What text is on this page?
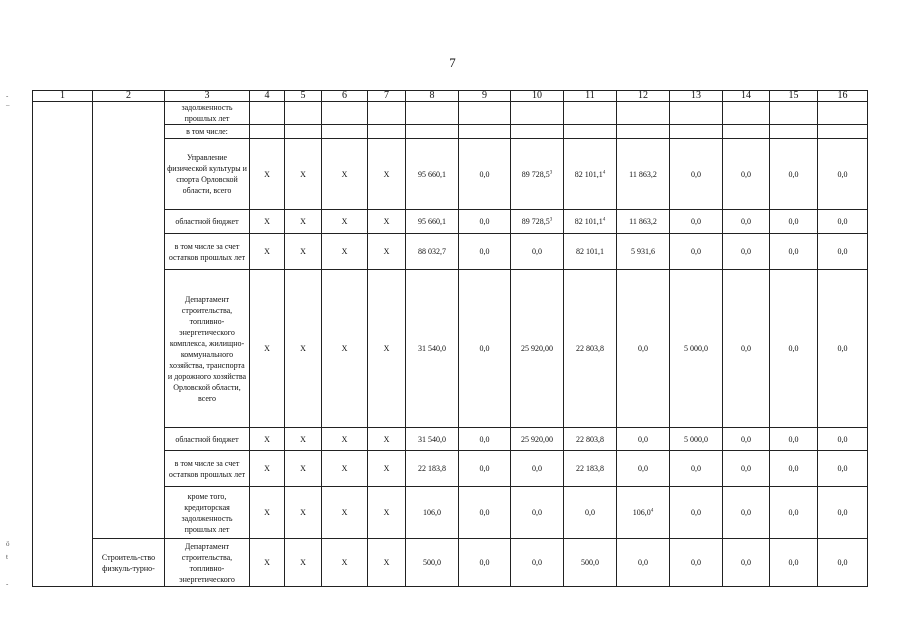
7
-
–
ö
ŧ
-
1	2	3	4	5	6	7	8	9	10	11	12	13	14	15	16
		задолженность прошлых лет													
		в том числе:													
		Управление физической культуры и спорта Орловской области, всего	X	X	X	X	95 660,1	0,0	89 728,5$^3$	82 101,1$^4$	11 863,2	0,0	0,0	0,0	0,0
		областной бюджет	X	X	X	X	95 660,1	0,0	89 728,5$^3$	82 101,1$^4$	11 863,2	0,0	0,0	0,0	0,0
		в том числе за счет остатков прошлых лет	X	X	X	X	88 032,7	0,0	0,0	82 101,1	5 931,6	0,0	0,0	0,0	0,0
		Департамент строительства, топливно-энергетического комплекса, жилищно-коммунального хозяйства, транспорта и дорожного хозяйства Орловской области, всего	X	X	X	X	31 540,0	0,0	25 920,00	22 803,8	0,0	5 000,0	0,0	0,0	0,0
		областной бюджет	X	X	X	X	31 540,0	0,0	25 920,00	22 803,8	0,0	5 000,0	0,0	0,0	0,0
		в том числе за счет остатков прошлых лет	X	X	X	X	22 183,8	0,0	0,0	22 183,8	0,0	0,0	0,0	0,0	0,0
		кроме того, кредиторская задолженность прошлых лет	X	X	X	X	106,0	0,0	0,0	0,0	106,0$^4$	0,0	0,0	0,0	0,0
	Строитель-ство физкуль-турно-	Департамент строительства, топливно-энергетического	X	X	X	X	500,0	0,0	0,0	500,0	0,0	0,0	0,0	0,0	0,0
